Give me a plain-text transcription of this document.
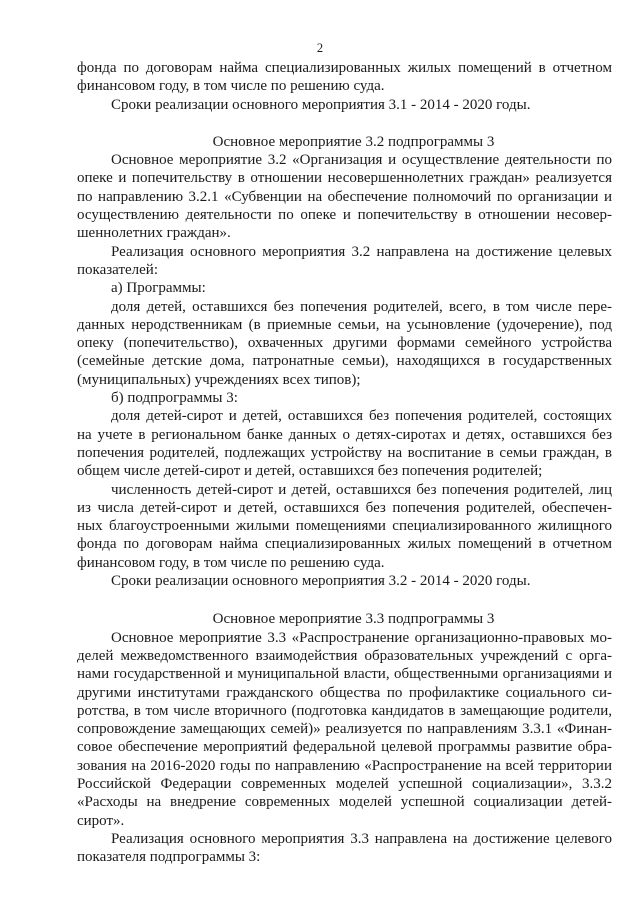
2

фонда по договорам найма специализированных жилых помещений в отчетном
финансовом году, в том числе по решению суда.

Сроки реализации основного мероприятия 3.1 - 2014 - 2020 годы.

Основное мероприятие 3.2 подпрограммы 3

Основное мероприятие 3.2 «Организация и осуществление деятельности по
опеке и попечительству в отношении несовершеннолетних граждан» реализуется
по направлению 3.2.1 «Субвенции на обеспечение полномочий по организации и
осуществлению деятельности по опеке и попечительству в отношении несовер-
шеннолетних граждан».

Реализация основного мероприятия 3.2 направлена на достижение целевых
показателей:

а) Программы:

доля детей, оставшихся без попечения родителей, всего, в том числе пере-
данных неродственникам (в приемные семьи, на усыновление (удочерение), под
опеку (попечительство), охваченных другими формами семейного устройства
(семейные детские дома, патронатные семьи), находящихся в государственных
(муниципальных) учреждениях всех типов);

б) подпрограммы 3:

доля детей-сирот и детей, оставшихся без попечения родителей, состоящих
на учете в региональном банке данных о детях-сиротах и детях, оставшихся без
попечения родителей, подлежащих устройству на воспитание в семьи граждан, в
общем числе детей-сирот и детей, оставшихся без попечения родителей;

численность детей-сирот и детей, оставшихся без попечения родителей, лиц
из числа детей-сирот и детей, оставшихся без попечения родителей, обеспечен-
ных благоустроенными жилыми помещениями специализированного жилищного
фонда по договорам найма специализированных жилых помещений в отчетном
финансовом году, в том числе по решению суда.

Сроки реализации основного мероприятия 3.2 - 2014 - 2020 годы.

Основное мероприятие 3.3 подпрограммы 3

Основное мероприятие 3.3 «Распространение организационно-правовых мо-
делей межведомственного взаимодействия образовательных учреждений с орга-
нами государственной и муниципальной власти, общественными организациями и
другими институтами гражданского общества по профилактике социального си-
ротства, в том числе вторичного (подготовка кандидатов в замещающие родители,
сопровождение замещающих семей)» реализуется по направлениям 3.3.1 «Финан-
совое обеспечение мероприятий федеральной целевой программы развитие обра-
зования на 2016-2020 годы по направлению «Распространение на всей территории
Российской Федерации современных моделей успешной социализации», 3.3.2
«Расходы на внедрение современных моделей успешной социализации детей-
сирот».

Реализация основного мероприятия 3.3 направлена на достижение целевого
показателя подпрограммы 3:
